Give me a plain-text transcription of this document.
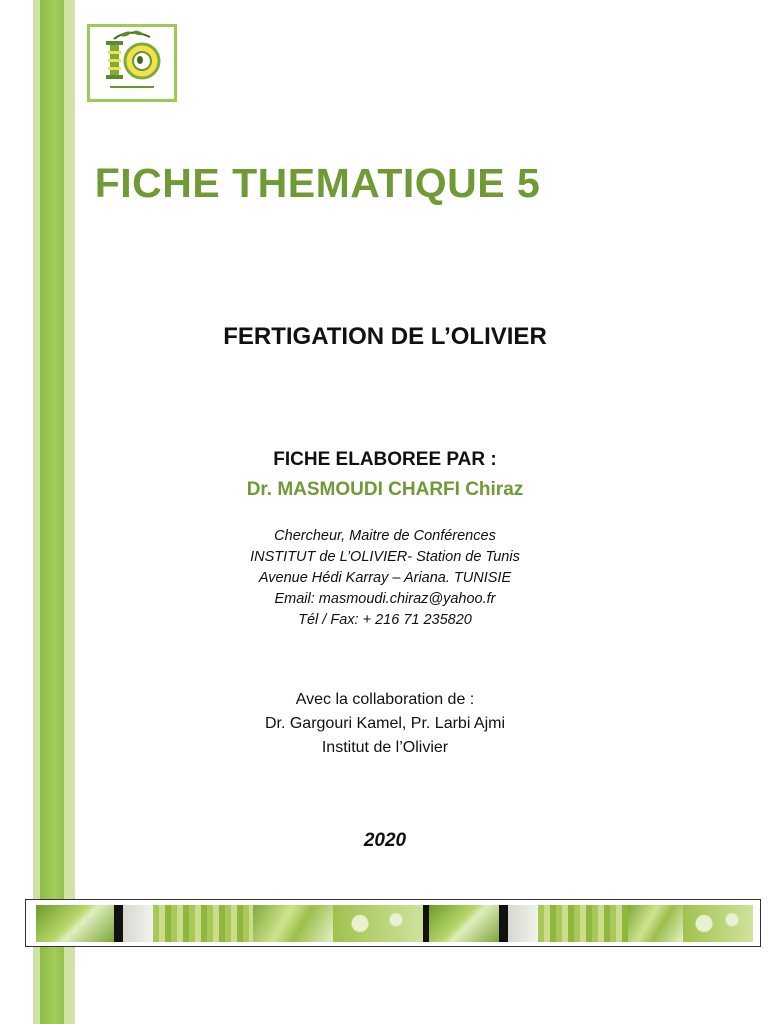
FICHE THEMATIQUE 5
FERTIGATION DE L’OLIVIER
FICHE ELABOREE PAR :
Dr. MASMOUDI CHARFI Chiraz
Chercheur, Maitre de Conférences
INSTITUT de L’OLIVIER- Station de Tunis
Avenue Hédi Karray – Ariana. TUNISIE
Email: masmoudi.chiraz@yahoo.fr
Tél / Fax: + 216 71 235820
Avec la collaboration de :
Dr. Gargouri Kamel, Pr. Larbi Ajmi
Institut de l’Olivier
2020
